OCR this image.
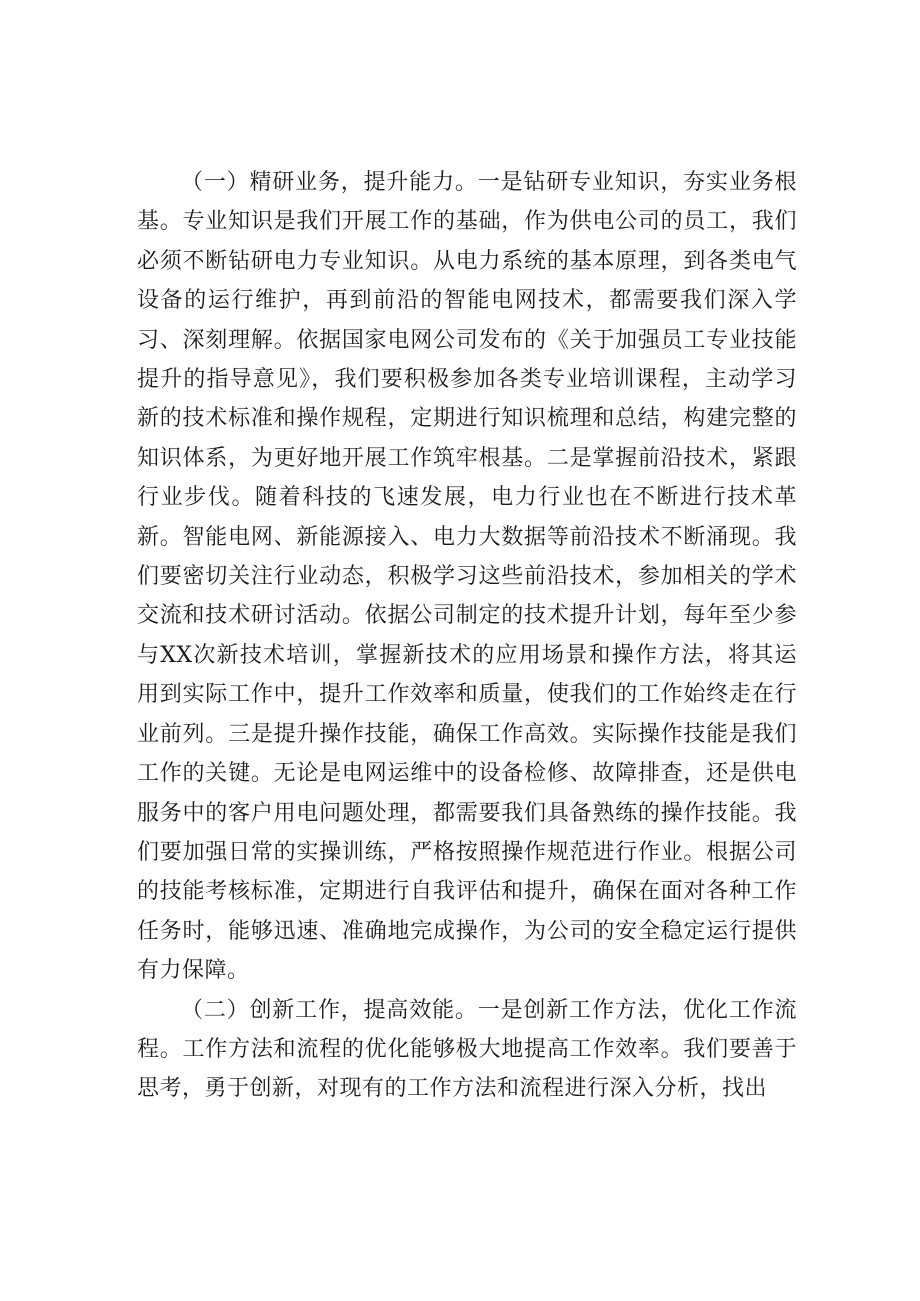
（一）精研业务，提升能力。一是钻研专业知识，夯实业务根基。专业知识是我们开展工作的基础，作为供电公司的员工，我们必须不断钻研电力专业知识。从电力系统的基本原理，到各类电气设备的运行维护，再到前沿的智能电网技术，都需要我们深入学习、深刻理解。依据国家电网公司发布的《关于加强员工专业技能提升的指导意见》，我们要积极参加各类专业培训课程，主动学习新的技术标准和操作规程，定期进行知识梳理和总结，构建完整的知识体系，为更好地开展工作筑牢根基。二是掌握前沿技术，紧跟行业步伐。随着科技的飞速发展，电力行业也在不断进行技术革新。智能电网、新能源接入、电力大数据等前沿技术不断涌现。我们要密切关注行业动态，积极学习这些前沿技术，参加相关的学术交流和技术研讨活动。依据公司制定的技术提升计划，每年至少参与XX次新技术培训，掌握新技术的应用场景和操作方法，将其运用到实际工作中，提升工作效率和质量，使我们的工作始终走在行业前列。三是提升操作技能，确保工作高效。实际操作技能是我们工作的关键。无论是电网运维中的设备检修、故障排查，还是供电服务中的客户用电问题处理，都需要我们具备熟练的操作技能。我们要加强日常的实操训练，严格按照操作规范进行作业。根据公司的技能考核标准，定期进行自我评估和提升，确保在面对各种工作任务时，能够迅速、准确地完成操作，为公司的安全稳定运行提供有力保障。

（二）创新工作，提高效能。一是创新工作方法，优化工作流程。工作方法和流程的优化能够极大地提高工作效率。我们要善于思考，勇于创新，对现有的工作方法和流程进行深入分析，找出
